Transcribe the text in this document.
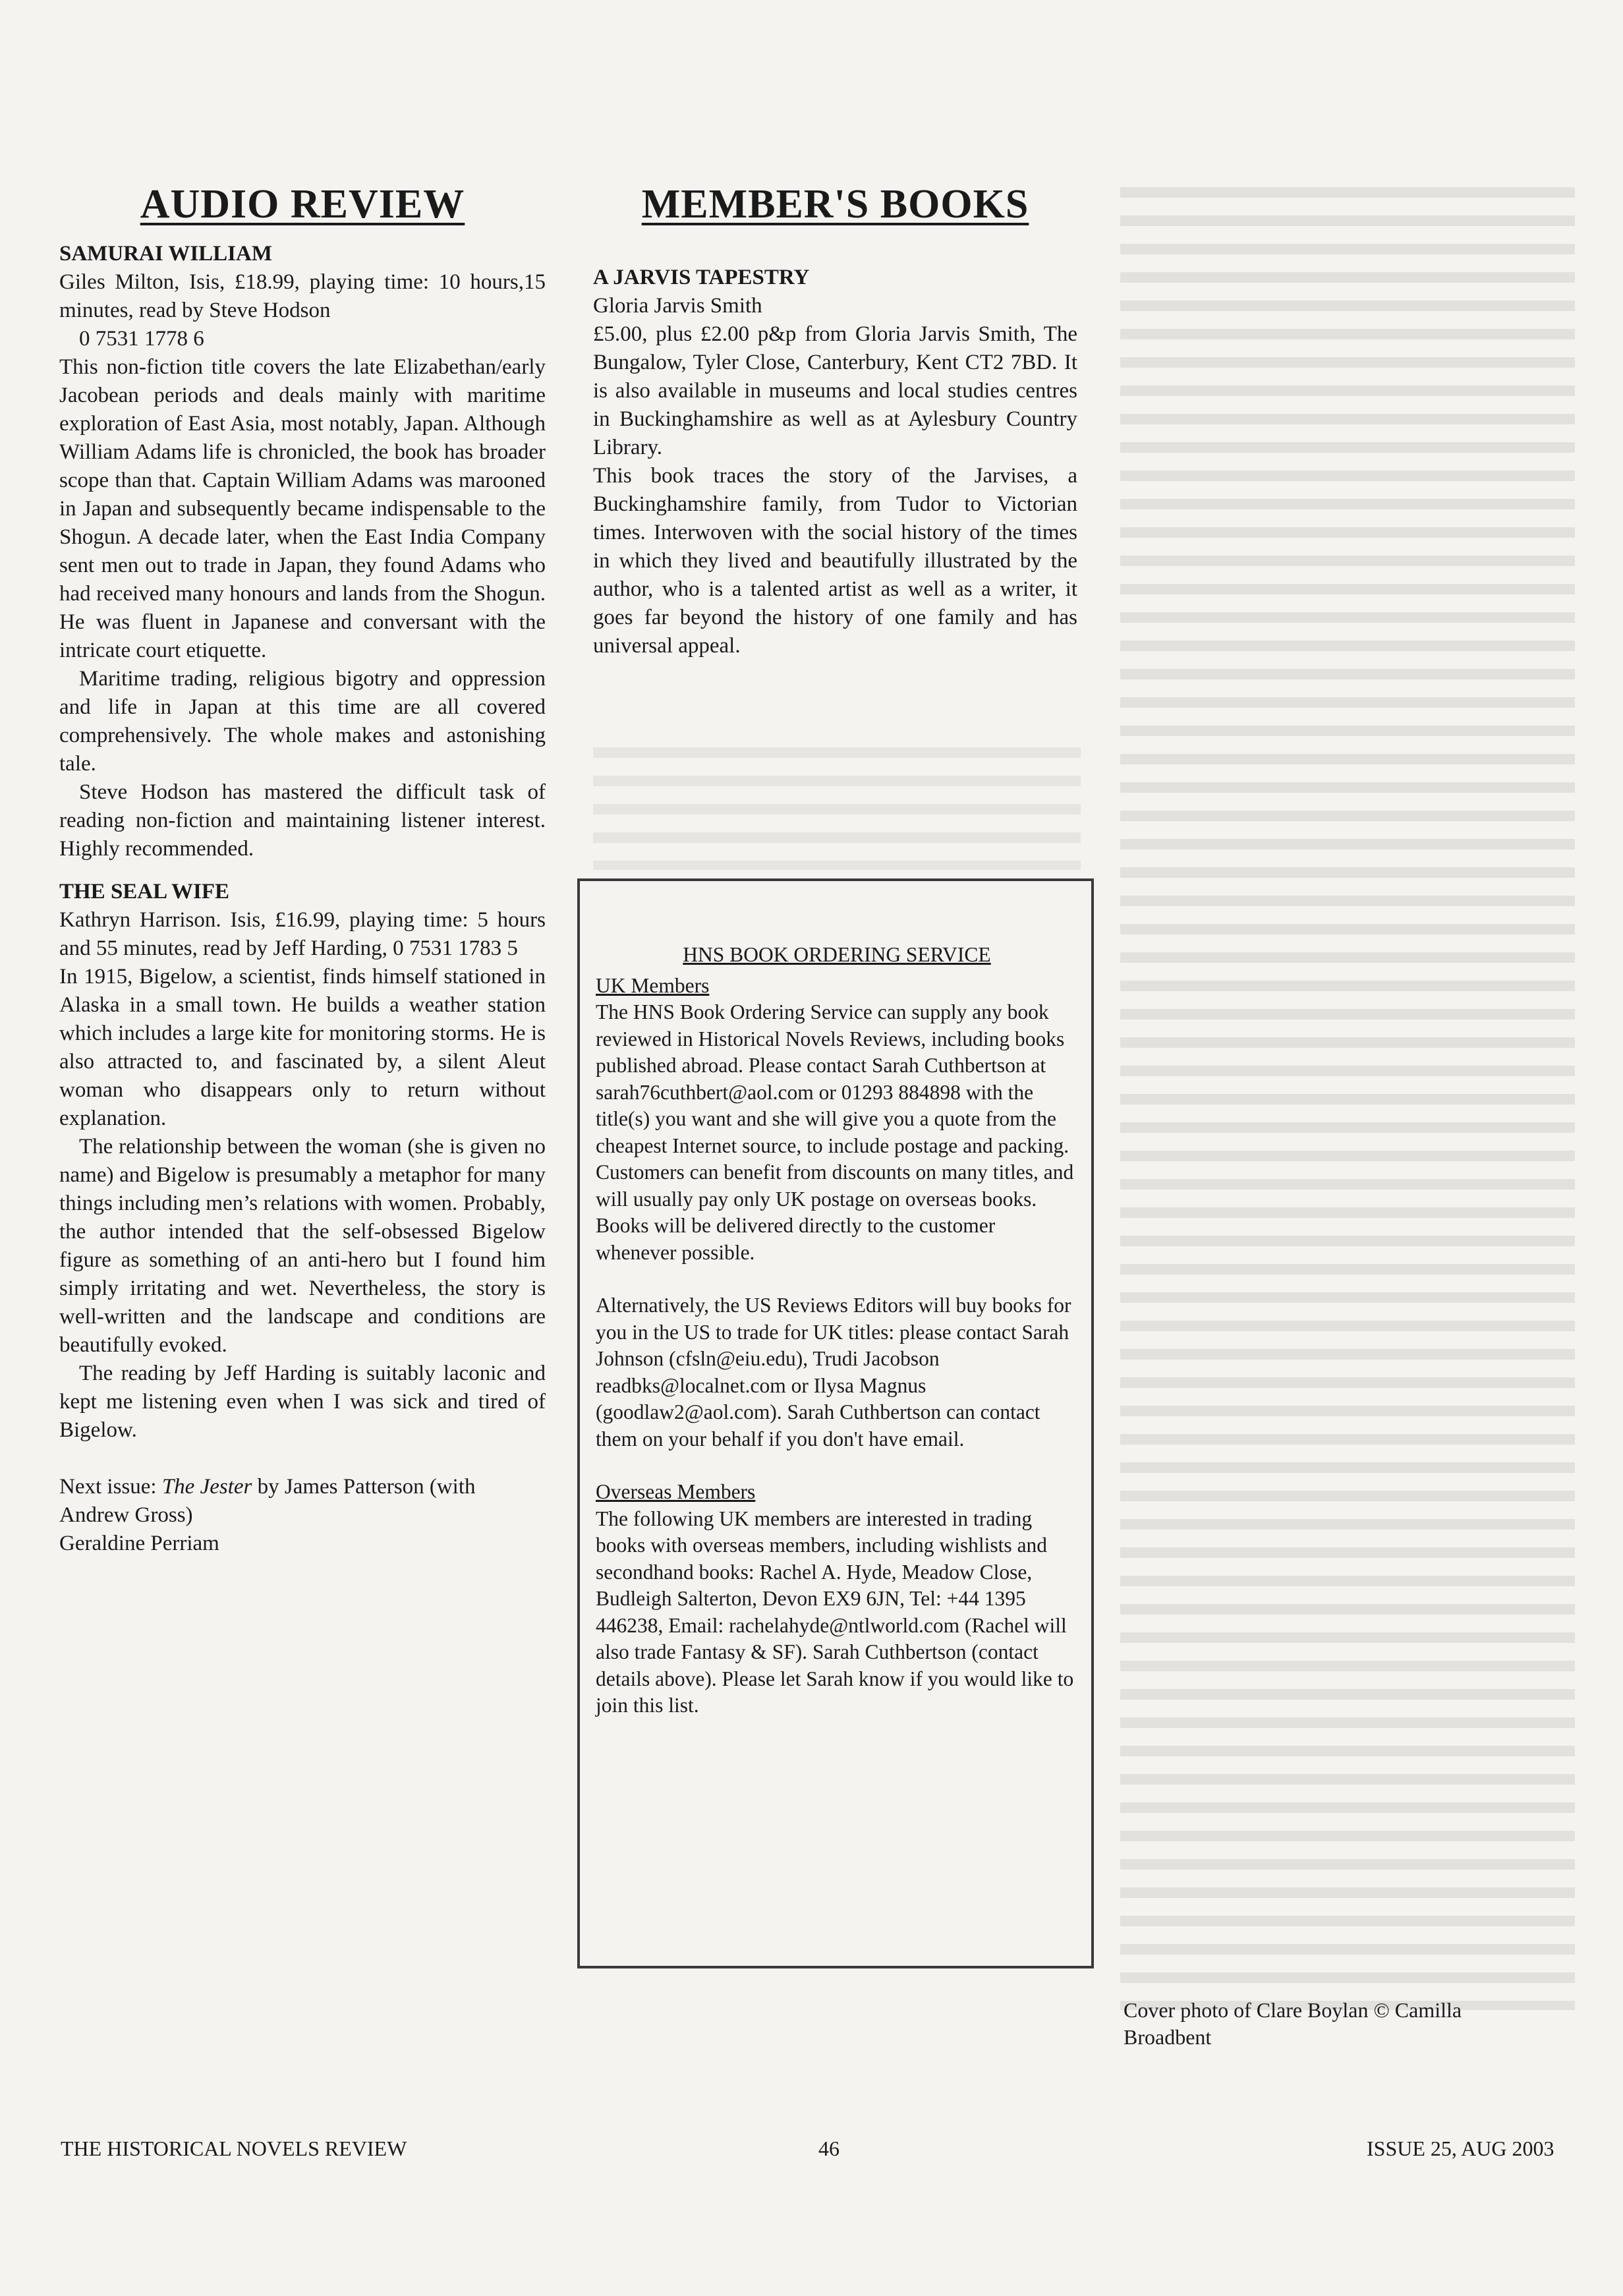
AUDIO REVIEW
SAMURAI WILLIAM

Giles Milton, Isis, £18.99, playing time: 10 hours,15 minutes, read by Steve Hodson

0 7531 1778 6

This non-fiction title covers the late Elizabethan/early Jacobean periods and deals mainly with maritime exploration of East Asia, most notably, Japan. Although William Adams life is chronicled, the book has broader scope than that. Captain William Adams was marooned in Japan and subsequently became indispensable to the Shogun. A decade later, when the East India Company sent men out to trade in Japan, they found Adams who had received many honours and lands from the Shogun. He was fluent in Japanese and conversant with the intricate court etiquette.

Maritime trading, religious bigotry and oppression and life in Japan at this time are all covered comprehensively. The whole makes and astonishing tale.

Steve Hodson has mastered the difficult task of reading non-fiction and maintaining listener interest. Highly recommended.

THE SEAL WIFE

Kathryn Harrison. Isis, £16.99, playing time: 5 hours and 55 minutes, read by Jeff Harding, 0 7531 1783 5

In 1915, Bigelow, a scientist, finds himself stationed in Alaska in a small town. He builds a weather station which includes a large kite for monitoring storms. He is also attracted to, and fascinated by, a silent Aleut woman who disappears only to return without explanation.

The relationship between the woman (she is given no name) and Bigelow is presumably a metaphor for many things including men’s relations with women. Probably, the author intended that the self-obsessed Bigelow figure as something of an anti-hero but I found him simply irritating and wet. Nevertheless, the story is well-written and the landscape and conditions are beautifully evoked.

The reading by Jeff Harding is suitably laconic and kept me listening even when I was sick and tired of Bigelow.

Next issue: The Jester by James Patterson (with Andrew Gross)

Geraldine Perriam

MEMBER'S BOOKS
A JARVIS TAPESTRY

Gloria Jarvis Smith

£5.00, plus £2.00 p&p from Gloria Jarvis Smith, The Bungalow, Tyler Close, Canterbury, Kent CT2 7BD. It is also available in museums and local studies centres in Buckinghamshire as well as at Aylesbury Country Library.

This book traces the story of the Jarvises, a Buckinghamshire family, from Tudor to Victorian times. Interwoven with the social history of the times in which they lived and beautifully illustrated by the author, who is a talented artist as well as a writer, it goes far beyond the history of one family and has universal appeal.

HNS BOOK ORDERING SERVICE

UK Members

The HNS Book Ordering Service can supply any book reviewed in Historical Novels Reviews, including books published abroad. Please contact Sarah Cuthbertson at sarah76cuthbert@aol.com or 01293 884898 with the title(s) you want and she will give you a quote from the cheapest Internet source, to include postage and packing. Customers can benefit from discounts on many titles, and will usually pay only UK postage on overseas books. Books will be delivered directly to the customer whenever possible.

Alternatively, the US Reviews Editors will buy books for you in the US to trade for UK titles: please contact Sarah Johnson (cfsln@eiu.edu), Trudi Jacobson readbks@localnet.com or Ilysa Magnus (goodlaw2@aol.com). Sarah Cuthbertson can contact them on your behalf if you don't have email.

Overseas Members

The following UK members are interested in trading books with overseas members, including wishlists and secondhand books: Rachel A. Hyde, Meadow Close, Budleigh Salterton, Devon EX9 6JN, Tel: +44 1395 446238, Email: rachelahyde@ntlworld.com (Rachel will also trade Fantasy & SF). Sarah Cuthbertson (contact details above). Please let Sarah know if you would like to join this list.

Cover photo of Clare Boylan © Camilla Broadbent
THE HISTORICAL NOVELS REVIEW	46	ISSUE 25, AUG 2003
